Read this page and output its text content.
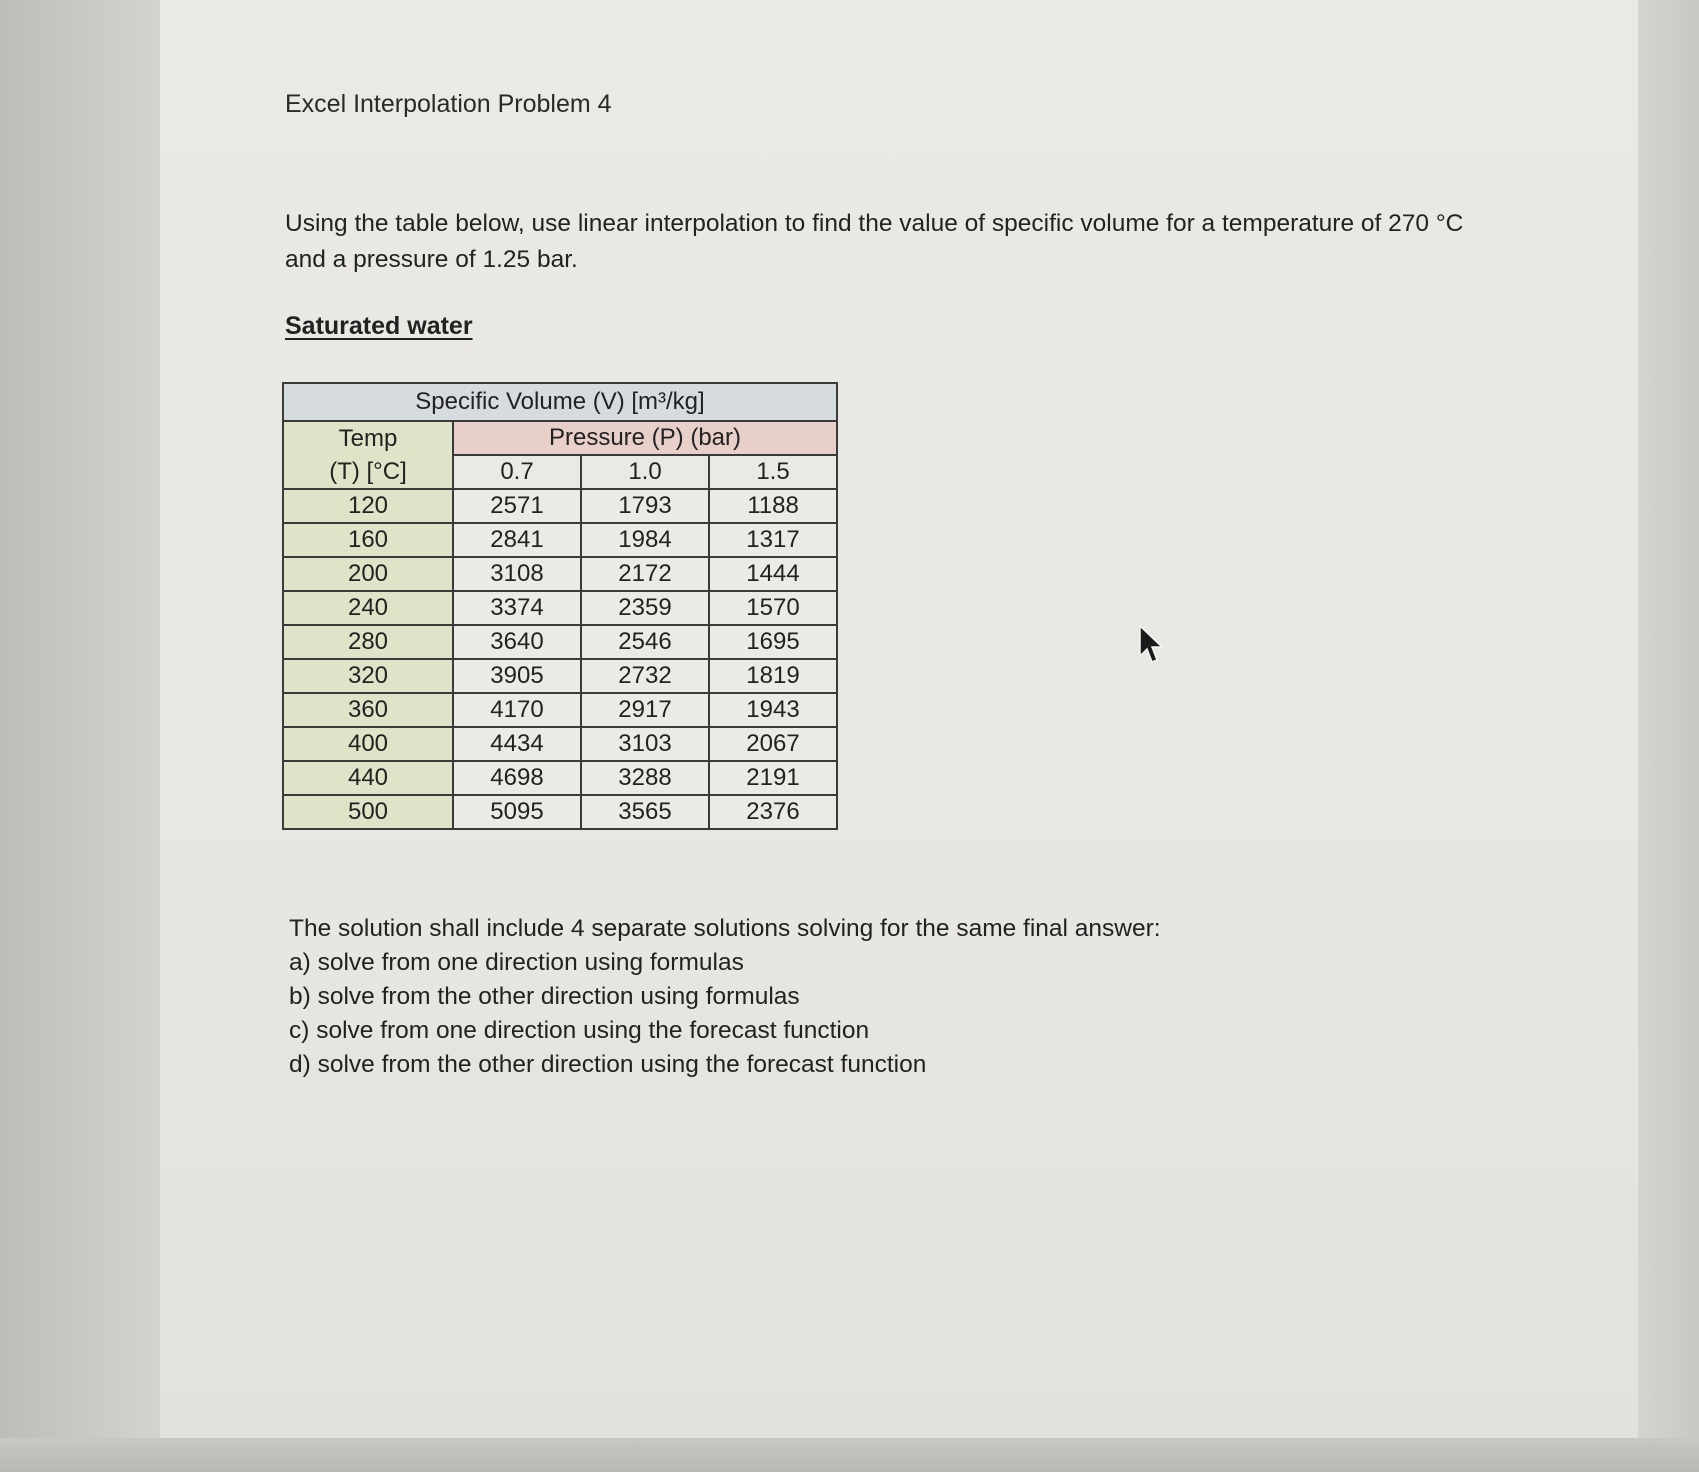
Excel Interpolation Problem 4
Using the table below, use linear interpolation to find the value of specific volume for a temperature of 270 °C and a pressure of 1.25 bar.
Saturated water
Specific Volume (V) [m³/kg]			
Temp	Pressure (P) (bar)		
(T) [°C]	0.7	1.0	1.5
120	2571	1793	1188
160	2841	1984	1317
200	3108	2172	1444
240	3374	2359	1570
280	3640	2546	1695
320	3905	2732	1819
360	4170	2917	1943
400	4434	3103	2067
440	4698	3288	2191
500	5095	3565	2376

The solution shall include 4 separate solutions solving for the same final answer:

a) solve from one direction using formulas

b) solve from the other direction using formulas

c) solve from one direction using the forecast function

d) solve from the other direction using the forecast function
